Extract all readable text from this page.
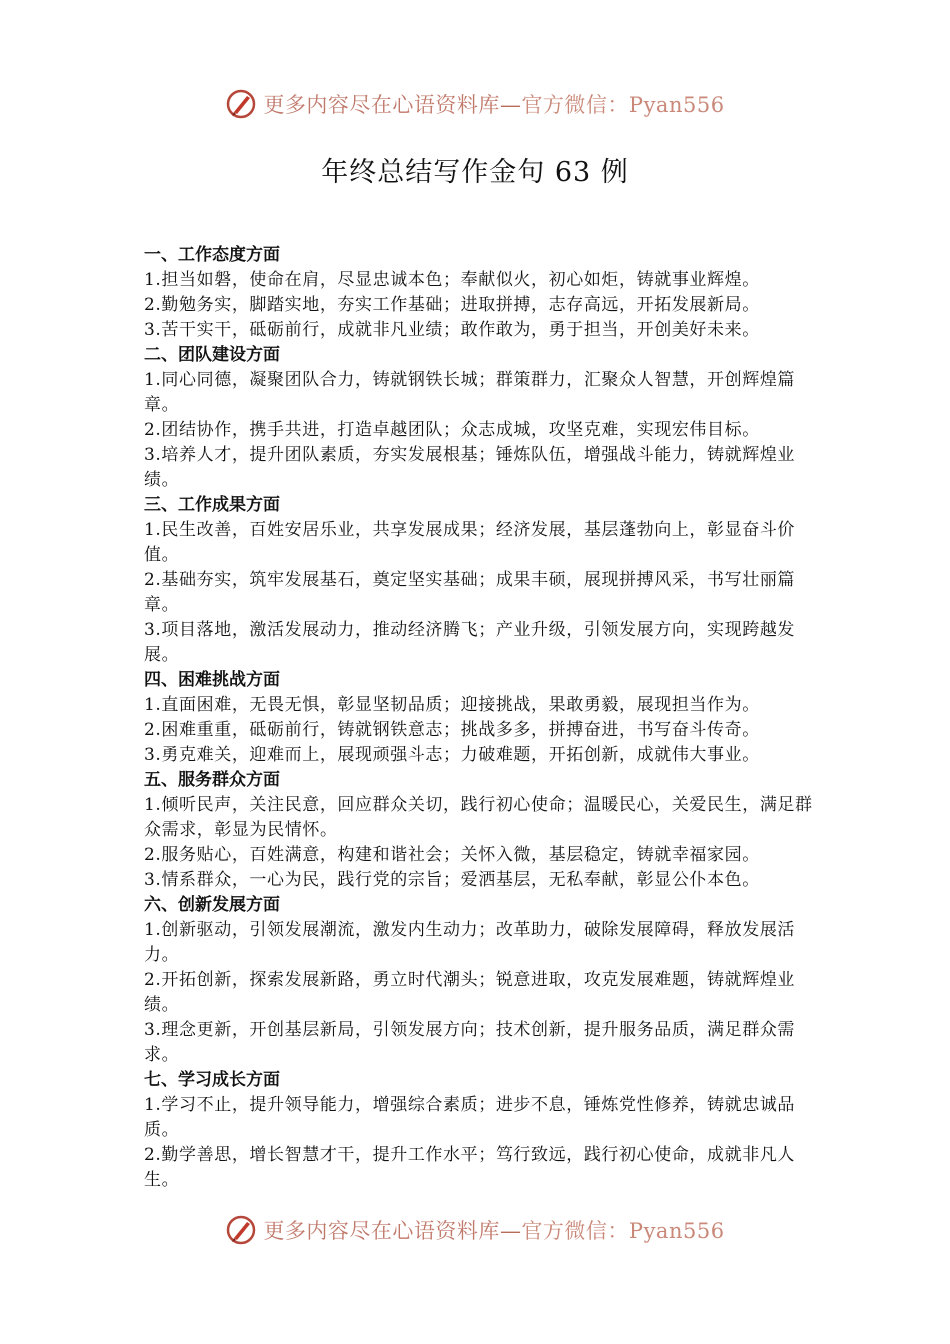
更多内容尽在心语资料库—官方微信：Pyan556
年终总结写作金句 63 例

一、工作态度方面

1.担当如磐，使命在肩，尽显忠诚本色；奉献似火，初心如炬，铸就事业辉煌。

2.勤勉务实，脚踏实地，夯实工作基础；进取拼搏，志存高远，开拓发展新局。

3.苦干实干，砥砺前行，成就非凡业绩；敢作敢为，勇于担当，开创美好未来。

二、团队建设方面

1.同心同德，凝聚团队合力，铸就钢铁长城；群策群力，汇聚众人智慧，开创辉煌篇章。

2.团结协作，携手共进，打造卓越团队；众志成城，攻坚克难，实现宏伟目标。

3.培养人才，提升团队素质，夯实发展根基；锤炼队伍，增强战斗能力，铸就辉煌业绩。

三、工作成果方面

1.民生改善，百姓安居乐业，共享发展成果；经济发展，基层蓬勃向上，彰显奋斗价值。

2.基础夯实，筑牢发展基石，奠定坚实基础；成果丰硕，展现拼搏风采，书写壮丽篇章。

3.项目落地，激活发展动力，推动经济腾飞；产业升级，引领发展方向，实现跨越发展。

四、困难挑战方面

1.直面困难，无畏无惧，彰显坚韧品质；迎接挑战，果敢勇毅，展现担当作为。

2.困难重重，砥砺前行，铸就钢铁意志；挑战多多，拼搏奋进，书写奋斗传奇。

3.勇克难关，迎难而上，展现顽强斗志；力破难题，开拓创新，成就伟大事业。

五、服务群众方面

1.倾听民声，关注民意，回应群众关切，践行初心使命；温暖民心，关爱民生，满足群众需求，彰显为民情怀。

2.服务贴心，百姓满意，构建和谐社会；关怀入微，基层稳定，铸就幸福家园。

3.情系群众，一心为民，践行党的宗旨；爱洒基层，无私奉献，彰显公仆本色。

六、创新发展方面

1.创新驱动，引领发展潮流，激发内生动力；改革助力，破除发展障碍，释放发展活力。

2.开拓创新，探索发展新路，勇立时代潮头；锐意进取，攻克发展难题，铸就辉煌业绩。

3.理念更新，开创基层新局，引领发展方向；技术创新，提升服务品质，满足群众需求。

七、学习成长方面

1.学习不止，提升领导能力，增强综合素质；进步不息，锤炼党性修养，铸就忠诚品质。

2.勤学善思，增长智慧才干，提升工作水平；笃行致远，践行初心使命，成就非凡人生。

更多内容尽在心语资料库—官方微信：Pyan556
